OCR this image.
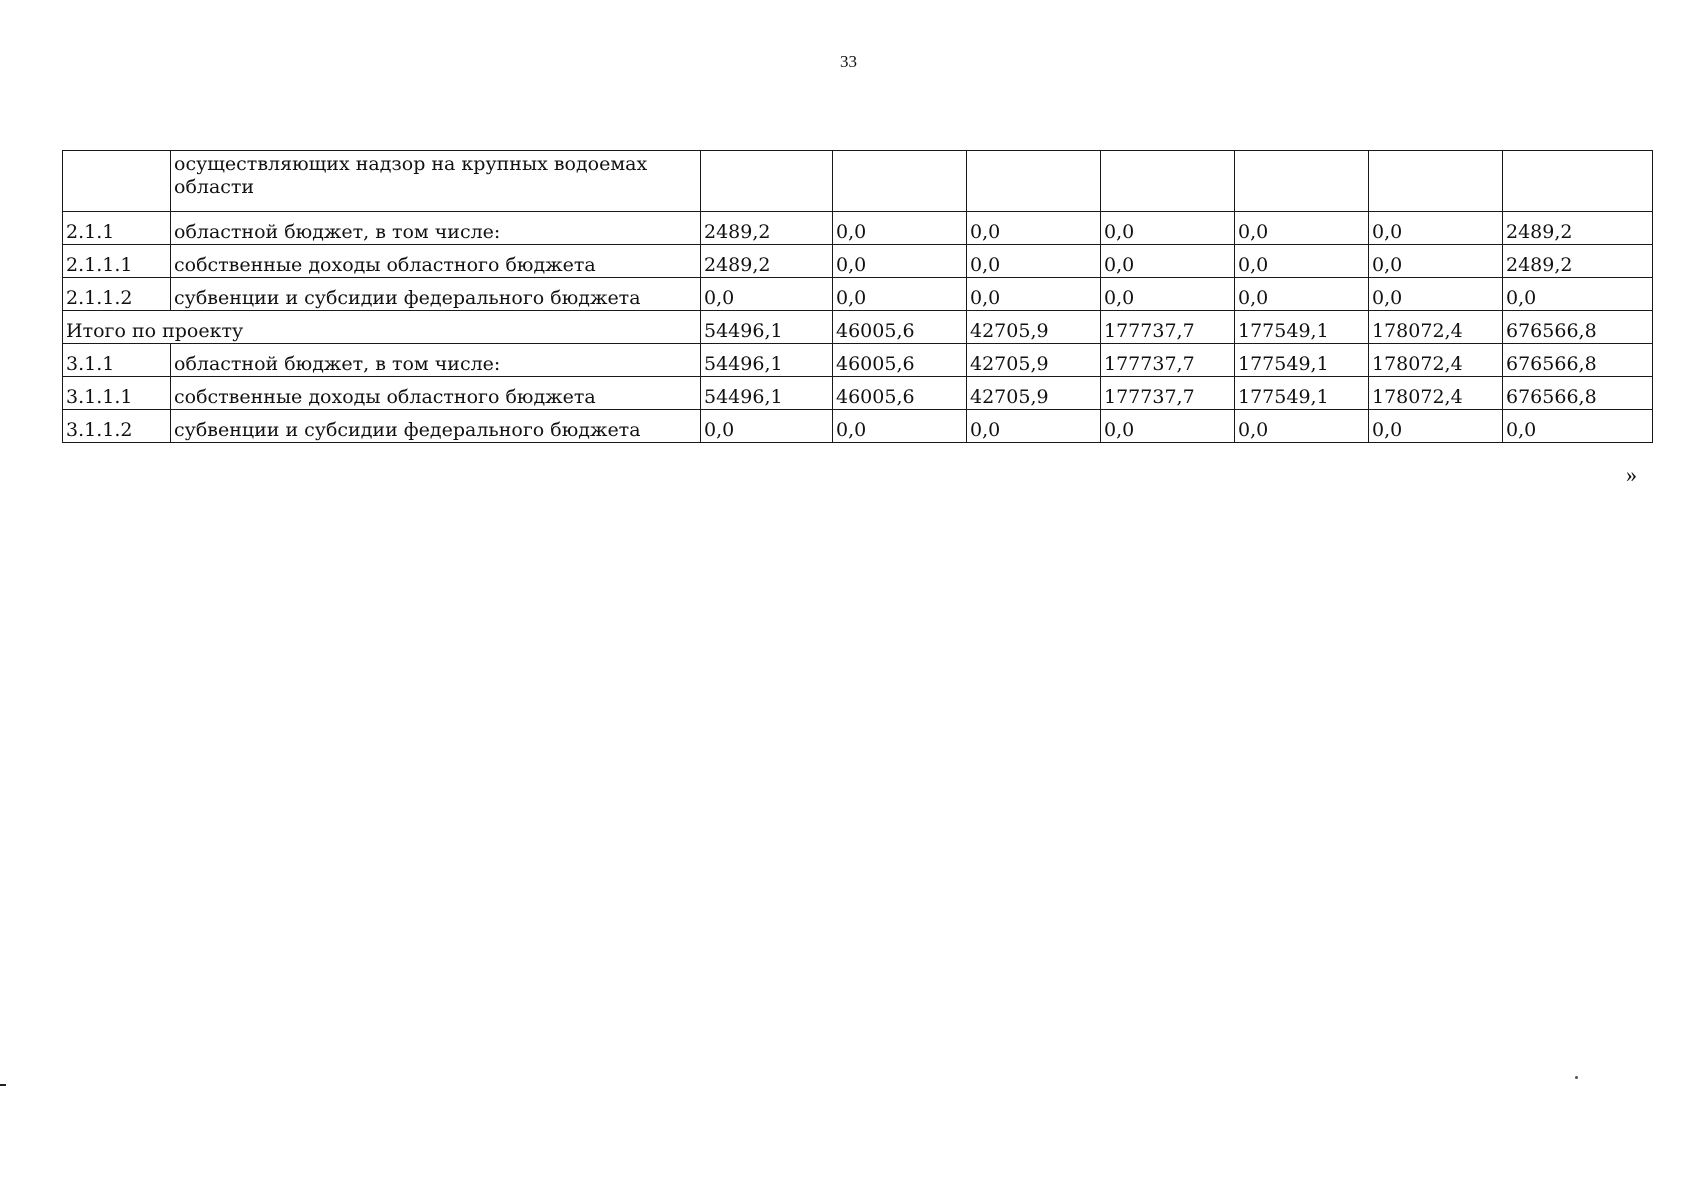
33
	осуществляющих надзор на крупных водоемах области							
2.1.1	областной бюджет, в том числе:	2489,2	0,0	0,0	0,0	0,0	0,0	2489,2
2.1.1.1	собственные доходы областного бюджета	2489,2	0,0	0,0	0,0	0,0	0,0	2489,2
2.1.1.2	субвенции и субсидии федерального бюджета	0,0	0,0	0,0	0,0	0,0	0,0	0,0
Итого по проекту		54496,1	46005,6	42705,9	177737,7	177549,1	178072,4	676566,8
3.1.1	областной бюджет, в том числе:	54496,1	46005,6	42705,9	177737,7	177549,1	178072,4	676566,8
3.1.1.1	собственные доходы областного бюджета	54496,1	46005,6	42705,9	177737,7	177549,1	178072,4	676566,8
3.1.1.2	субвенции и субсидии федерального бюджета	0,0	0,0	0,0	0,0	0,0	0,0	0,0
»
